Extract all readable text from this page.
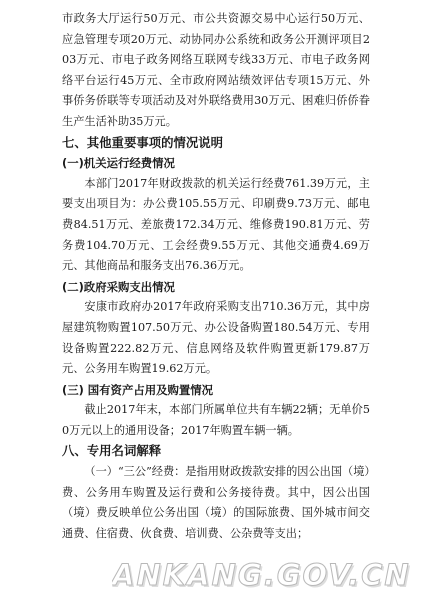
市政务大厅运行50万元、市公共资源交易中心运行50万元、应急管理专项20万元、动协同办公系统和政务公开测评项目203万元、市电子政务网络互联网专线33万元、市电子政务网络平台运行45万元、全市政府网站绩效评估专项15万元、外事侨务侨联等专项活动及对外联络费用30万元、困难归侨侨眷生产生活补助35万元。

七、其他重要事项的情况说明

(一)机关运行经费情况

本部门2017年财政拨款的机关运行经费761.39万元，主要支出项目为：办公费105.55万元、印刷费9.73万元、邮电费84.51万元、差旅费172.34万元、维修费190.81万元、劳务费104.70万元、工会经费9.55万元、其他交通费4.69万元、其他商品和服务支出76.36万元。

(二)政府采购支出情况

安康市政府办2017年政府采购支出710.36万元，其中房屋建筑物购置107.50万元、办公设备购置180.54万元、专用设备购置222.82万元、信息网络及软件购置更新179.87万元、公务用车购置19.62万元。

(三) 国有资产占用及购置情况

截止2017年末，本部门所属单位共有车辆22辆；无单价50万元以上的通用设备；2017年购置车辆一辆。

八、专用名词解释

（一）“三公”经费：是指用财政拨款安排的因公出国（境）费、公务用车购置及运行费和公务接待费。其中，因公出国（境）费反映单位公务出国（境）的国际旅费、国外城市间交通费、住宿费、伙食费、培训费、公杂费等支出；

ANKANG.GOV.CN
